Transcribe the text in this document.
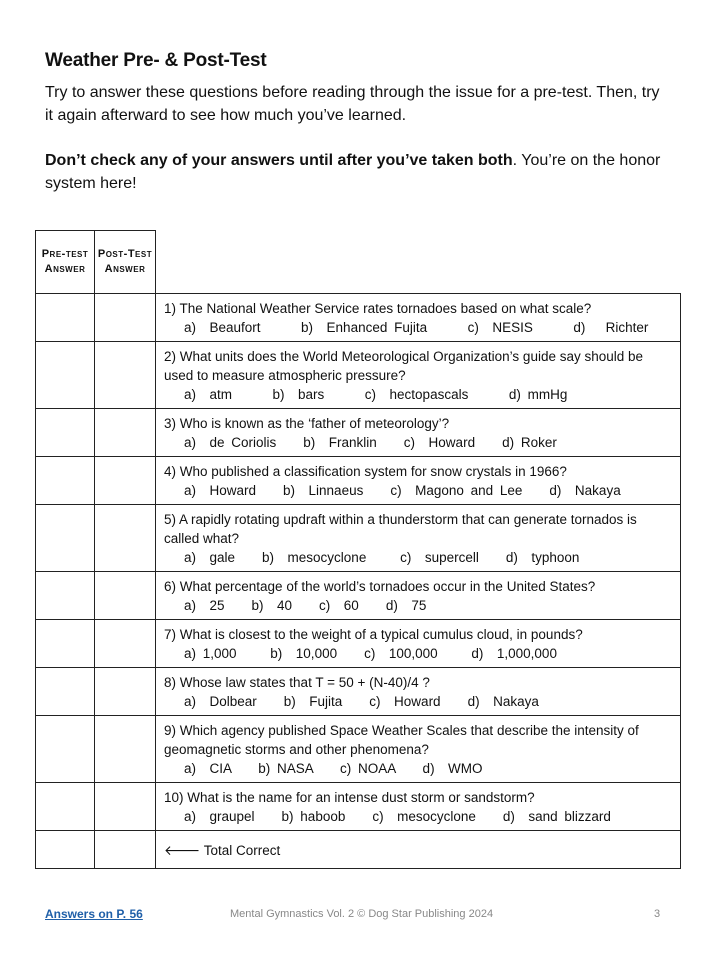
Weather Pre- & Post-Test
Try to answer these questions before reading through the issue for a pre-test. Then, try it again afterward to see how much you’ve learned.
Don’t check any of your answers until after you’ve taken both. You’re on the honor system here!
Pre-test Answer	Post-Test Answer	

		1) The National Weather Service rates tornadoes based on what scale?
a)  Beaufort      b)  Enhanced Fujita      c)  NESIS      d)   Richter

		2) What units does the World Meteorological Organization’s guide say should be used to measure atmospheric pressure?
a)  atm      b)  bars      c)  hectopascals      d) mmHg

		3) Who is known as the ‘father of meteorology’?
a)  de Coriolis    b)  Franklin    c)  Howard    d) Roker

		4) Who published a classification system for snow crystals in 1966?
a)  Howard    b)  Linnaeus    c)  Magono and Lee    d)  Nakaya

		5) A rapidly rotating updraft within a thunderstorm that can generate tornados is called what?
a)  gale    b)  mesocyclone     c)  supercell    d)  typhoon

		6) What percentage of the world’s tornadoes occur in the United States?
a)  25    b)  40    c)  60    d)  75

		7) What is closest to the weight of a typical cumulus cloud, in pounds?
a) 1,000     b)  10,000    c)  100,000     d)  1,000,000

		8) Whose law states that T = 50 + (N-40)/4 ?
a)  Dolbear    b)  Fujita    c)  Howard    d)  Nakaya

		9) Which agency published Space Weather Scales that describe the intensity of geomagnetic storms and other phenomena?
a)  CIA    b) NASA    c) NOAA    d)  WMO

		10) What is the name for an intense dust storm or sandstorm?
a)  graupel    b) haboob    c)  mesocyclone    d)  sand blizzard

		🡐 Total Correct
Answers on P. 56	Mental Gymnastics Vol. 2 © Dog Star Publishing 2024	3
